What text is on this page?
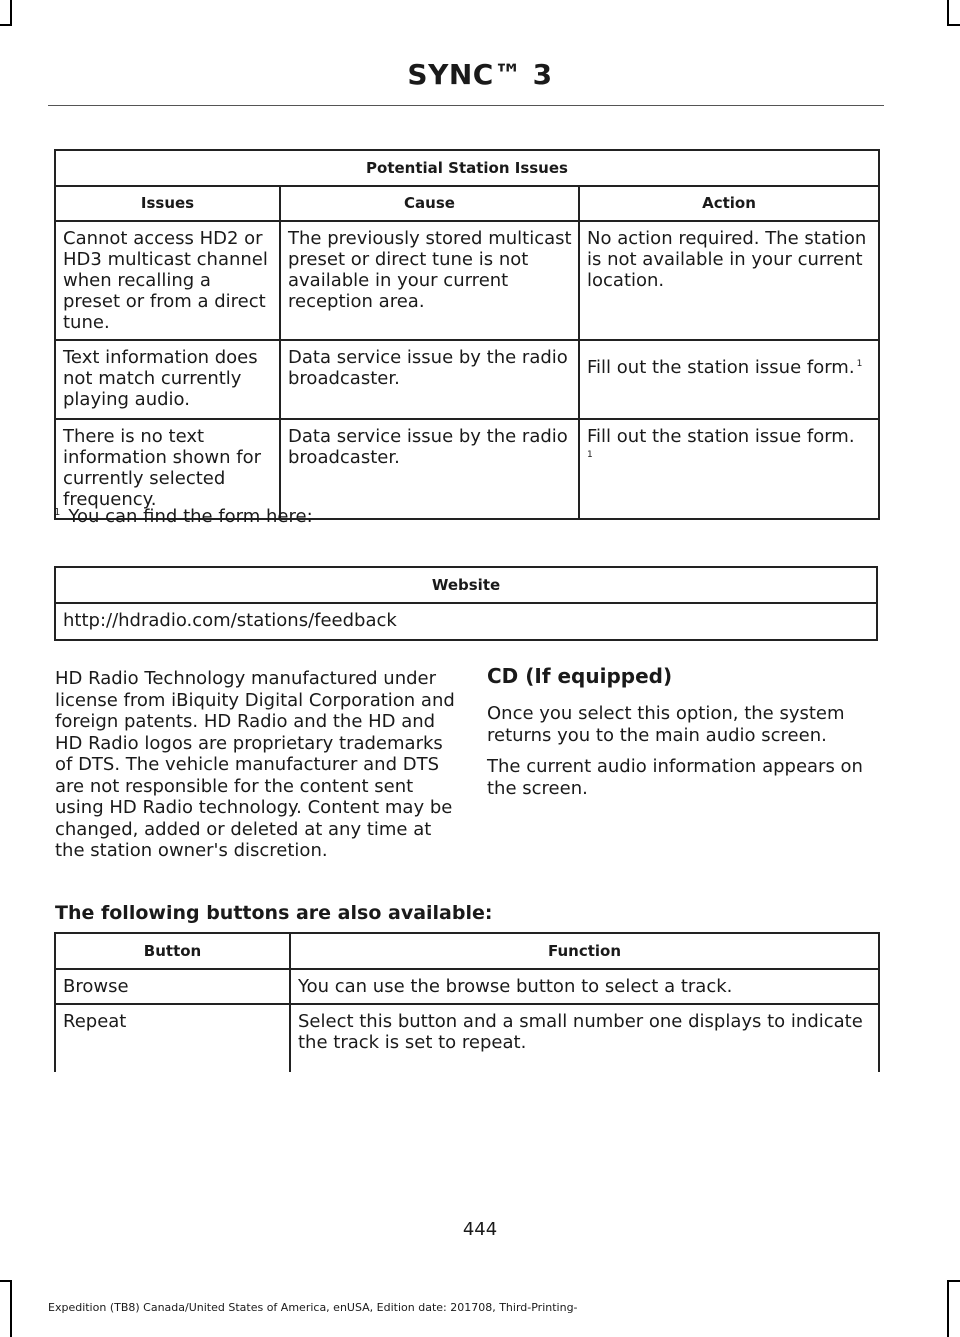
SYNC™ 3
Potential Station Issues		
Issues	Cause	Action
Cannot access HD2 or HD3 multicast channel when recalling a preset or from a direct tune.	The previously stored multicast preset or direct tune is not available in your current reception area.	No action required. The station is not available in your current location.
Text information does not match currently playing audio.	Data service issue by the radio broadcaster.	Fill out the station issue form. $^1$
There is no text information shown for currently selected frequency.	Data service issue by the radio broadcaster.	Fill out the station issue form.
1
$^1$ You can find the form here:
Website
http://hdradio.com/stations/feedback

HD Radio Technology manufactured under license from iBiquity Digital Corporation and foreign patents. HD Radio and the HD and HD Radio logos are proprietary trademarks of DTS. The vehicle manufacturer and DTS are not responsible for the content sent using HD Radio technology. Content may be changed, added or deleted at any time at the station owner's discretion.

CD (If equipped)

Once you select this option, the system returns you to the main audio screen.

The current audio information appears on the screen.

The following buttons are also available:
Button	Function
Browse	You can use the browse button to select a track.
Repeat	Select this button and a small number one displays to indicate the track is set to repeat.
444
Expedition (TB8) Canada/United States of America, enUSA, Edition date: 201708, Third-Printing-
